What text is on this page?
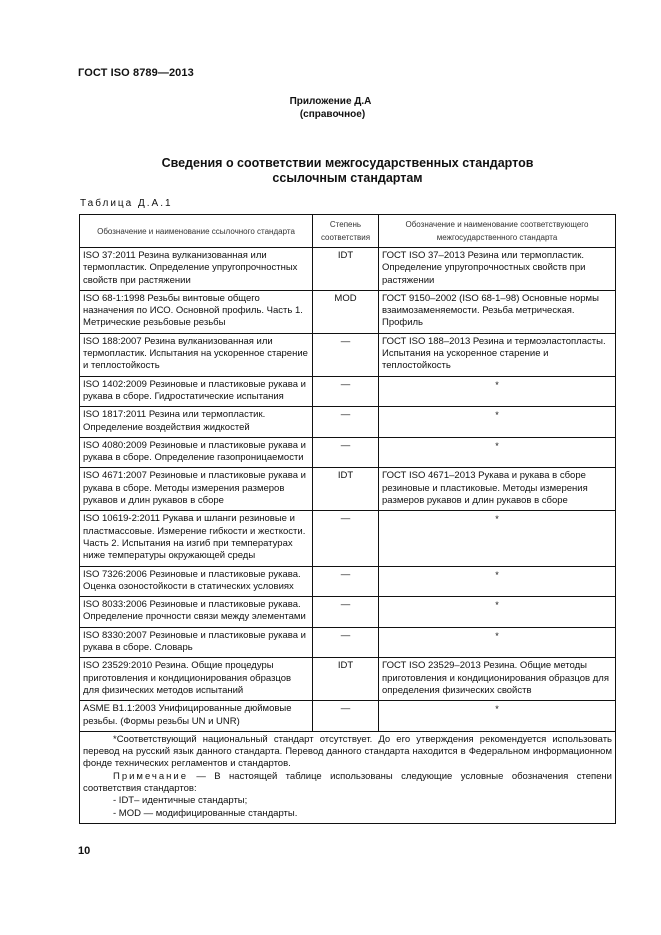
ГОСТ ISO 8789—2013
Приложение Д.А
(справочное)
Сведения о соответствии межгосударственных стандартов
ссылочным стандартам
Таблица Д.А.1
Обозначение и наименование ссылочного стандарта	Степень соответствия	Обозначение и наименование соответствующего межгосударственного стандарта
ISO 37:2011 Резина вулканизованная или термопластик. Определение упругопрочностных свойств при растяжении	IDT	ГОСТ ISO 37–2013 Резина или термопластик. Определение упругопрочностных свойств при растяжении
ISO 68-1:1998 Резьбы винтовые общего назначения по ИСО. Основной профиль. Часть 1. Метрические резьбовые резьбы	MOD	ГОСТ 9150–2002 (ISO 68-1–98) Основные нормы взаимозаменяемости. Резьба метрическая. Профиль
ISO 188:2007 Резина вулканизованная или термопластик. Испытания на ускоренное старение и теплостойкость	—	ГОСТ ISO 188–2013 Резина и термоэластопласты. Испытания на ускоренное старение и теплостойкость
ISO 1402:2009 Резиновые и пластиковые рукава и рукава в сборе. Гидростатические испытания	—	*
ISO 1817:2011 Резина или термопластик. Определение воздействия жидкостей	—	*
ISO 4080:2009 Резиновые и пластиковые рукава и рукава в сборе. Определение газопроницаемости	—	*
ISO 4671:2007 Резиновые и пластиковые рукава и рукава в сборе. Методы измерения размеров рукавов и длин рукавов в сборе	IDT	ГОСТ ISO 4671–2013 Рукава и рукава в сборе резиновые и пластиковые. Методы измерения размеров рукавов и длин рукавов в сборе
ISO 10619-2:2011 Рукава и шланги резиновые и пластмассовые. Измерение гибкости и жесткости. Часть 2. Испытания на изгиб при температурах ниже температуры окружающей среды	—	*
ISO 7326:2006 Резиновые и пластиковые рукава. Оценка озоностойкости в статических условиях	—	*
ISO 8033:2006 Резиновые и пластиковые рукава. Определение прочности связи между элементами	—	*
ISO 8330:2007 Резиновые и пластиковые рукава и рукава в сборе. Словарь	—	*
ISO 23529:2010 Резина. Общие процедуры приготовления и кондиционирования образцов для физических методов испытаний	IDT	ГОСТ ISO 23529–2013 Резина. Общие методы приготовления и кондиционирования образцов для определения физических свойств
ASME B1.1:2003 Унифицированные дюймовые резьбы. (Формы резьбы UN и UNR)	—	*

*Соответствующий национальный стандарт отсутствует. До его утверждения рекомендуется использовать перевод на русский язык данного стандарта. Перевод данного стандарта находится в Федеральном информационном фонде технических регламентов и стандартов.

Примечание — В настоящей таблице использованы следующие условные обозначения степени соответствия стандартов:

- IDT– идентичные стандарты;

- MOD — модифицированные стандарты.		

10
